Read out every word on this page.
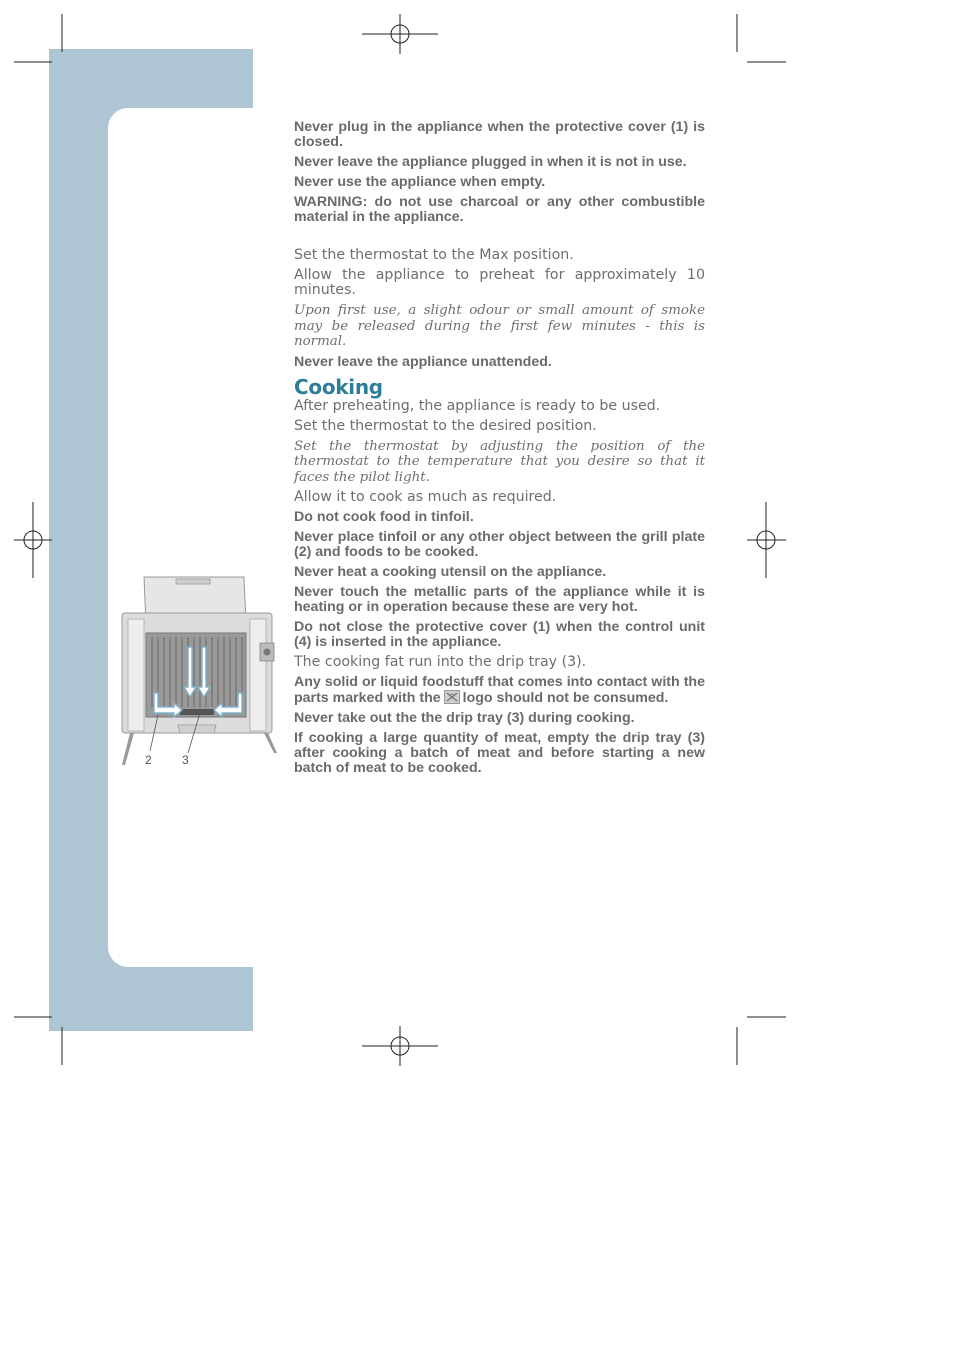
2	3

Never plug in the appliance when the protective cover (1) is closed.

Never leave the appliance plugged in when it is not in use.

Never use the appliance when empty.

WARNING: do not use charcoal or any other combustible material in the appliance.

Set the thermostat to the Max position.

Allow the appliance to preheat for approximately 10 minutes.

Upon first use, a slight odour or small amount of smoke may be released during the first few minutes - this is normal.

Never leave the appliance unattended.

Cooking

After preheating, the appliance is ready to be used.

Set the thermostat to the desired position.

Set the thermostat by adjusting the position of the thermostat to the temperature that you desire so that it faces the pilot light.

Allow it to cook as much as required.

Do not cook food in tinfoil.

Never place tinfoil or any other object between the grill plate (2) and foods to be cooked.

Never heat a cooking utensil on the appliance.

Never touch the metallic parts of the appliance while it is heating or in operation because these are very hot.

Do not close the protective cover (1) when the control unit (4) is inserted in the appliance.

The cooking fat run into the drip tray (3).

Any solid or liquid foodstuff that comes into contact with the parts marked with the logo should not be consumed.

Never take out the the drip tray (3) during cooking.

If cooking a large quantity of meat, empty the drip tray (3) after cooking a batch of meat and before starting a new batch of meat to be cooked.
